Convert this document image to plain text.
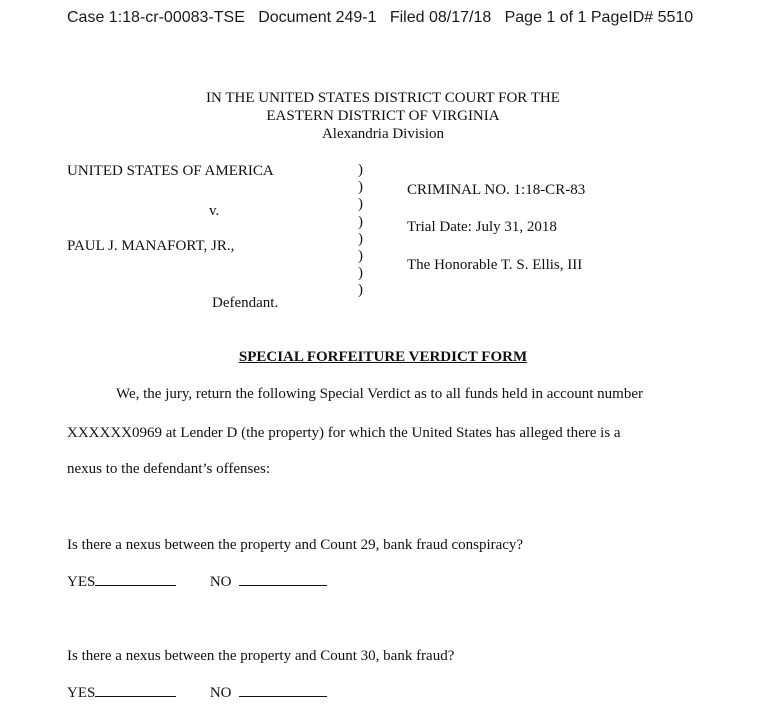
Case 1:18-cr-00083-TSE Document 249-1 Filed 08/17/18 Page 1 of 1 PageID# 5510
IN THE UNITED STATES DISTRICT COURT FOR THE
EASTERN DISTRICT OF VIRGINIA
Alexandria Division
UNITED STATES OF AMERICA
v.
PAUL J. MANAFORT, JR.,
Defendant.
)
)
)
)
)
)
)
)
CRIMINAL NO. 1:18-CR-83
Trial Date: July 31, 2018
The Honorable T. S. Ellis, III
SPECIAL FORFEITURE VERDICT FORM
We, the jury, return the following Special Verdict as to all funds held in account number
XXXXXX0969 at Lender D (the property) for which the United States has alleged there is a
nexus to the defendant’s offenses:
Is there a nexus between the property and Count 29, bank fraud conspiracy?
YES	NO
Is there a nexus between the property and Count 30, bank fraud?
YES	NO
